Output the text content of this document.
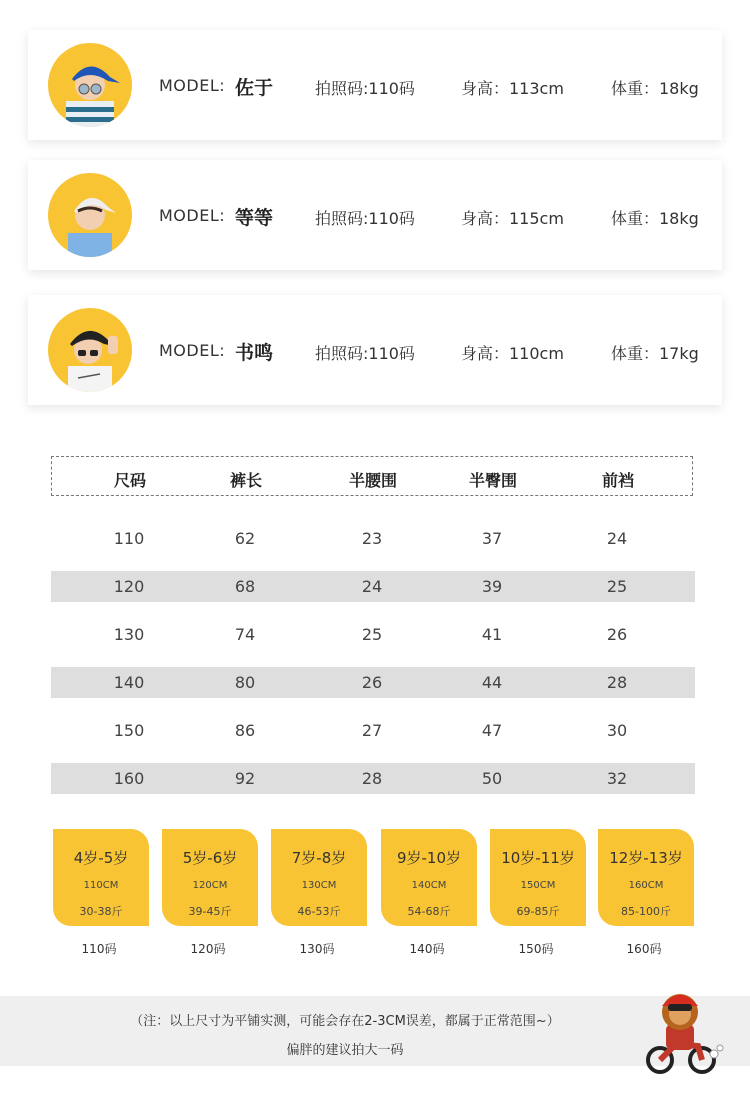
MODEL: 佐于	拍照码:110码	身高：113cm	体重：18kg
MODEL: 等等	拍照码:110码	身高：115cm	体重：18kg
MODEL: 书鸣	拍照码:110码	身高：110cm	体重：17kg
尺码	裤长	半腰围	半臀围	前裆
110	62	23	37	24
120	68	24	39	25
130	74	25	41	26
140	80	26	44	28
150	86	27	47	30
160	92	28	50	32
4岁-5岁
110CM
30-38斤
5岁-6岁
120CM
39-45斤
7岁-8岁
130CM
46-53斤
9岁-10岁
140CM
54-68斤
10岁-11岁
150CM
69-85斤
12岁-13岁
160CM
85-100斤
110码	120码	130码	140码	150码	160码
（注：以上尺寸为平铺实测，可能会存在2-3CM误差，都属于正常范围~）
偏胖的建议拍大一码
